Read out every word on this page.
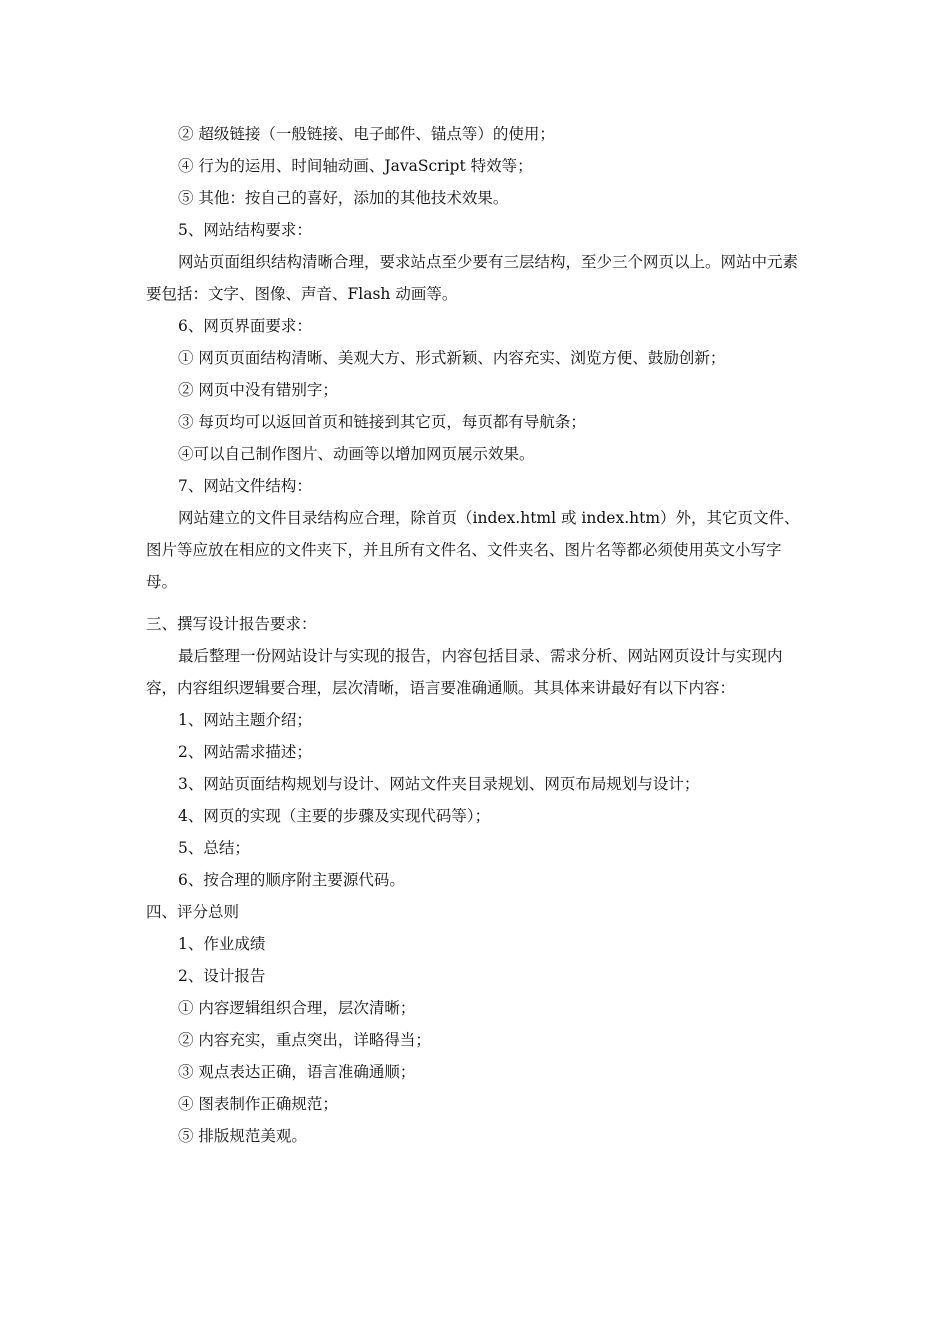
② 超级链接（一般链接、电子邮件、锚点等）的使用；

④ 行为的运用、时间轴动画、JavaScript 特效等；

⑤ 其他：按自己的喜好，添加的其他技术效果。

5、网站结构要求：

网站页面组织结构清晰合理，要求站点至少要有三层结构，至少三个网页以上。网站中元素要包括：文字、图像、声音、Flash 动画等。

6、网页界面要求：

① 网页页面结构清晰、美观大方、形式新颖、内容充实、浏览方便、鼓励创新；

② 网页中没有错别字；

③ 每页均可以返回首页和链接到其它页，每页都有导航条；

④可以自己制作图片、动画等以增加网页展示效果。

7、网站文件结构：

网站建立的文件目录结构应合理，除首页（index.html 或 index.htm）外，其它页文件、图片等应放在相应的文件夹下，并且所有文件名、文件夹名、图片名等都必须使用英文小写字母。

三、撰写设计报告要求：

最后整理一份网站设计与实现的报告，内容包括目录、需求分析、网站网页设计与实现内容，内容组织逻辑要合理，层次清晰，语言要准确通顺。其具体来讲最好有以下内容：

1、网站主题介绍；

2、网站需求描述；

3、网站页面结构规划与设计、网站文件夹目录规划、网页布局规划与设计；

4、网页的实现（主要的步骤及实现代码等）；

5、总结；

6、按合理的顺序附主要源代码。

四、评分总则

1、作业成绩

2、设计报告

① 内容逻辑组织合理，层次清晰；

② 内容充实，重点突出，详略得当；

③ 观点表达正确，语言准确通顺；

④ 图表制作正确规范；

⑤ 排版规范美观。
